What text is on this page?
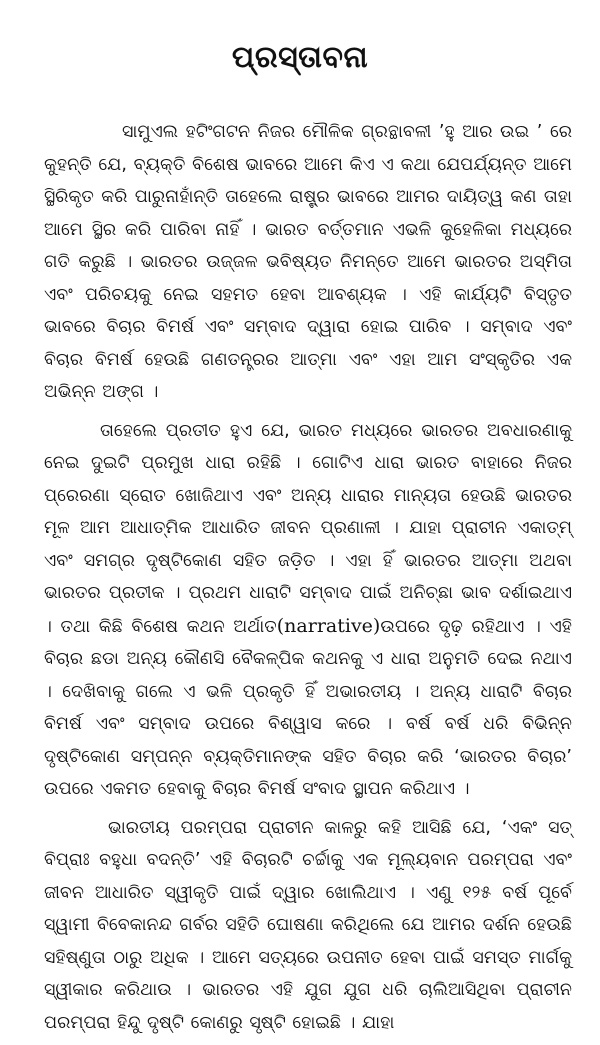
ପ୍ରସ୍ତାବନା

ସାମୁଏଲ ହଟିଂଗଟନ ନିଜର ମୌଳିକ ଗ୍ରନ୍ଥାବଳୀ ’ହୁ ଆର ଉଇ ’ ରେ କୁହନ୍ତି ଯେ, ବ୍ୟକ୍ତି ବିଶେଷ ଭାବରେ ଆମେ କିଏ ଏ କଥା ଯେପର୍ଯ୍ୟନ୍ତ ଆମେ ସ୍ଥିରିକୃତ କରି ପାରୁନାହାଁନ୍ତି ତାହେଲେ ରାଷ୍ଟ୍ର ଭାବରେ ଆମର ଦାୟିତ୍ୱ କଣ ତାହା ଆମେ ସ୍ଥିର କରି ପାରିବା ନାହିଁ । ଭାରତ ବର୍ତ୍ତମାନ ଏଭଳି କୁହେଳିକା ମଧ୍ୟରେ ଗତି କରୁଛି । ଭାରତର ଉଜ୍ଜଳ ଭବିଷ୍ୟତ ନିମନ୍ତେ ଆମେ ଭାରତର ଅସ୍ମିତା ଏବଂ ପରିଚୟକୁ ନେଇ ସହମତ ହେବା ଆବଶ୍ୟକ । ଏହି କାର୍ଯ୍ୟଟି ବିସ୍ତୃତ ଭାବରେ ବିଚାର ବିମର୍ଷ ଏବଂ ସମ୍ବାଦ ଦ୍ୱାରା ହୋଇ ପାରିବ । ସମ୍ବାଦ ଏବଂ ବିଚାର ବିମର୍ଷ ହେଉଛି ଗଣତନ୍ତ୍ରର ଆତ୍ମା ଏବଂ ଏହା ଆମ ସଂସ୍କୃତିର ଏକ ଅଭିନ୍ନ ଅଙ୍ଗ ।

ତାହେଲେ ପ୍ରତୀତ ହୁଏ ଯେ, ଭାରତ ମଧ୍ୟରେ ଭାରତର ଅବଧାରଣାକୁ ନେଇ ଦୁଇଟି ପ୍ରମୁଖ ଧାରା ରହିଛି । ଗୋଟିଏ ଧାରା ଭାରତ ବାହାରେ ନିଜର ପ୍ରେରଣା ସ୍ରୋତ ଖୋଜିଥାଏ ଏବଂ ଅନ୍ୟ ଧାରାର ମାନ୍ୟତା ହେଉଛି ଭାରତର ମୂଳ ଆମ ଆଧାତ୍ମିକ ଆଧାରିତ ଜୀବନ ପ୍ରଣାଳୀ । ଯାହା ପ୍ରାଚୀନ ଏକାତ୍ମ୍ ଏବଂ ସମଗ୍ର ଦୃଷ୍ଟିକୋଣ ସହିତ ଜଡ଼ିତ । ଏହା ହିଁ ଭାରତର ଆତ୍ମା ଅଥବା ଭାରତର ପ୍ରତୀକ । ପ୍ରଥମ ଧାରାଟି ସମ୍ବାଦ ପାଇଁ ଅନିଚ୍ଛା ଭାବ ଦର୍ଶାଇଥାଏ । ତଥା କିଛି ବିଶେଷ କଥନ ଅର୍ଥାତ(narrative)ଉପରେ ଦୃଢ଼ ରହିଥାଏ । ଏହି ବିଚାର ଛଡା ଅନ୍ୟ କୌଣସି ବୈକଳ୍ପିକ କଥନକୁ ଏ ଧାରା ଅନୁମତି ଦେଇ ନଥାଏ । ଦେଖିବାକୁ ଗଲେ ଏ ଭଳି ପ୍ରକୃତି ହିଁ ଅଭାରତୀୟ । ଅନ୍ୟ ଧାରାଟି ବିଚାର ବିମର୍ଷ ଏବଂ ସମ୍ବାଦ ଉପରେ ବିଶ୍ୱାସ କରେ । ବର୍ଷ ବର୍ଷ ଧରି ବିଭିନ୍ନ ଦୃଷ୍ଟିକୋଣ ସମ୍ପନ୍ନ ବ୍ୟକ୍ତିମାନଙ୍କ ସହିତ ବିଚାର କରି ‘ଭାରତର ବିଚାର’ ଉପରେ ଏକମତ ହେବାକୁ ବିଚାର ବିମର୍ଷ ସଂବାଦ ସ୍ଥାପନ କରିଥାଏ ।

ଭାରତୀୟ ପରମ୍ପରା ପ୍ରାଚୀନ କାଳରୁ କହି ଆସିଛି ଯେ, ‘ଏକଂ ସତ୍ ବିପ୍ରାଃ ବହୁଧା ବଦନ୍ତି’ ଏହି ବିଚାରଟି ଚର୍ଚ୍ଚାକୁ ଏକ ମୂଲ୍ୟବାନ ପରମ୍ପରା ଏବଂ ଜୀବନ ଆଧାରିତ ସ୍ୱୀକୃତି ପାଇଁ ଦ୍ୱାର ଖୋଲିଥାଏ । ଏଣୁ ୧୨୫ ବର୍ଷ ପୂର୍ବେ ସ୍ୱାମୀ ବିବେକାନନ୍ଦ ଗର୍ବର ସହିତି ଘୋଷଣା କରିଥିଲେ ଯେ ଆମର ଦର୍ଶନ ହେଉଛି ସହିଷ୍ଣୁତା ଠାରୁ ଅଧିକ । ଆମେ ସତ୍ୟରେ ଉପନୀତ ହେବା ପାଇଁ ସମସ୍ତ ମାର୍ଗକୁ ସ୍ୱୀକାର କରିଥାଉ । ଭାରତର ଏହି ଯୁଗ ଯୁଗ ଧରି ଚାଲିଆସିଥିବା ପ୍ରାଚୀନ ପରମ୍ପରା ହିନ୍ଦୁ ଦୃଷ୍ଟି କୋଣରୁ ସୃଷ୍ଟି ହୋଇଛି । ଯାହା
